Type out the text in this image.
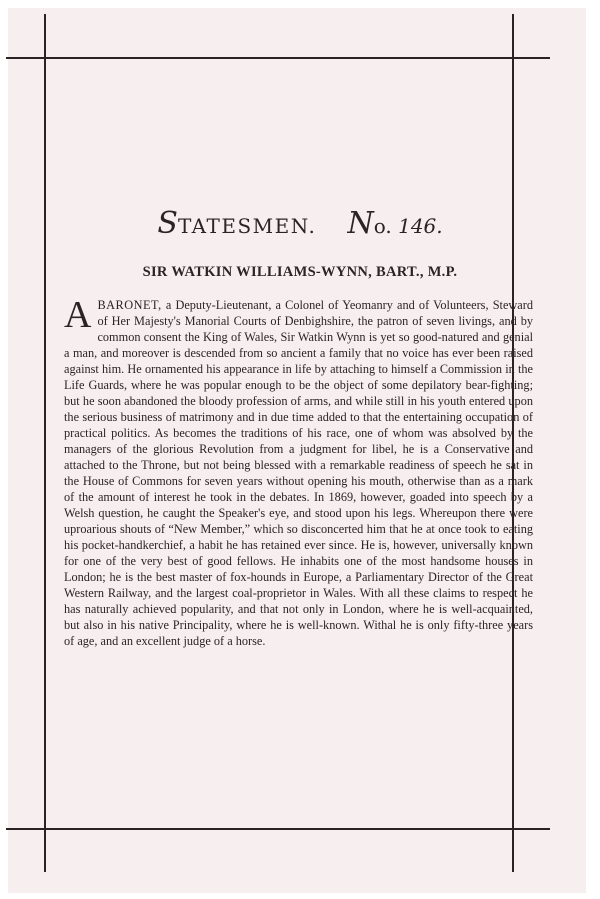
STATESMEN. No. 146.
SIR WATKIN WILLIAMS-WYNN, BART., M.P.
ABARONET, a Deputy-Lieutenant, a Colonel of Yeomanry and of Volunteers, Steward of Her Majesty's Manorial Courts of Denbighshire, the patron of seven livings, and by common consent the King of Wales, Sir Watkin Wynn is yet so good-natured and genial a man, and moreover is descended from so ancient a family that no voice has ever been raised against him. He ornamented his appearance in life by attaching to himself a Commission in the Life Guards, where he was popular enough to be the object of some depilatory bear-fighting; but he soon abandoned the bloody profession of arms, and while still in his youth entered upon the serious business of matrimony and in due time added to that the entertaining occupation of practical politics. As becomes the traditions of his race, one of whom was absolved by the managers of the glorious Revolution from a judgment for libel, he is a Conservative and attached to the Throne, but not being blessed with a remarkable readiness of speech he sat in the House of Commons for seven years without opening his mouth, otherwise than as a mark of the amount of interest he took in the debates. In 1869, however, goaded into speech by a Welsh question, he caught the Speaker's eye, and stood upon his legs. Whereupon there were uproarious shouts of “New Member,” which so disconcerted him that he at once took to eating his pocket-handkerchief, a habit he has retained ever since. He is, however, universally known for one of the very best of good fellows. He inhabits one of the most handsome houses in London; he is the best master of fox-hounds in Europe, a Parliamentary Director of the Great Western Railway, and the largest coal-proprietor in Wales. With all these claims to respect he has naturally achieved popularity, and that not only in London, where he is well-acquainted, but also in his native Principality, where he is well-known. Withal he is only fifty-three years of age, and an excellent judge of a horse.
